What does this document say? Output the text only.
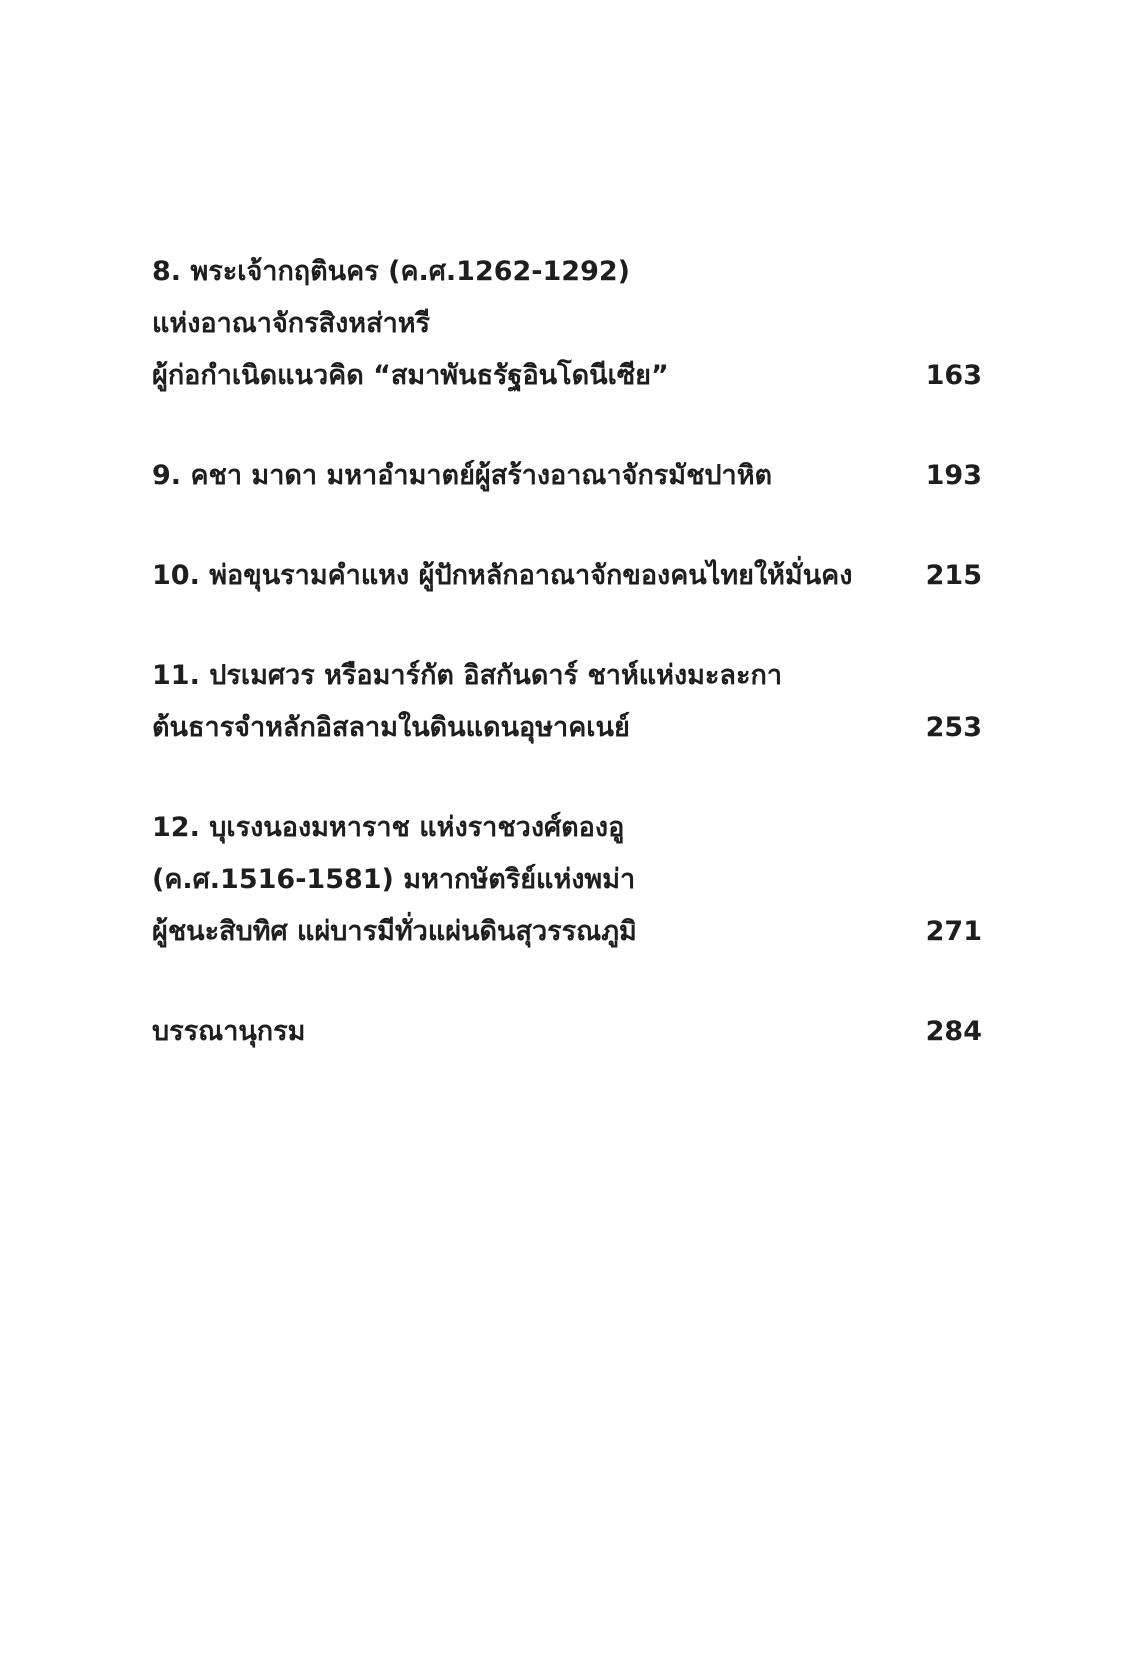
8. พระเจ้ากฤตินคร (ค.ศ.1262-1292)
แห่งอาณาจักรสิงหส่าหรี
ผู้ก่อกำเนิดแนวคิด “สมาพันธรัฐอินโดนีเซีย”	163
9. คชา มาดา มหาอำมาตย์ผู้สร้างอาณาจักรมัชปาหิต	193
10. พ่อขุนรามคำแหง ผู้ปักหลักอาณาจักของคนไทยให้มั่นคง	215
11. ปรเมศวร หรือมาร์กัต อิสกันดาร์ ชาห์แห่งมะละกา
ต้นธารจำหลักอิสลามในดินแดนอุษาคเนย์	253
12. บุเรงนองมหาราช แห่งราชวงศ์ตองอู
(ค.ศ.1516-1581) มหากษัตริย์แห่งพม่า
ผู้ชนะสิบทิศ แผ่บารมีทั่วแผ่นดินสุวรรณภูมิ	271
บรรณานุกรม	284
